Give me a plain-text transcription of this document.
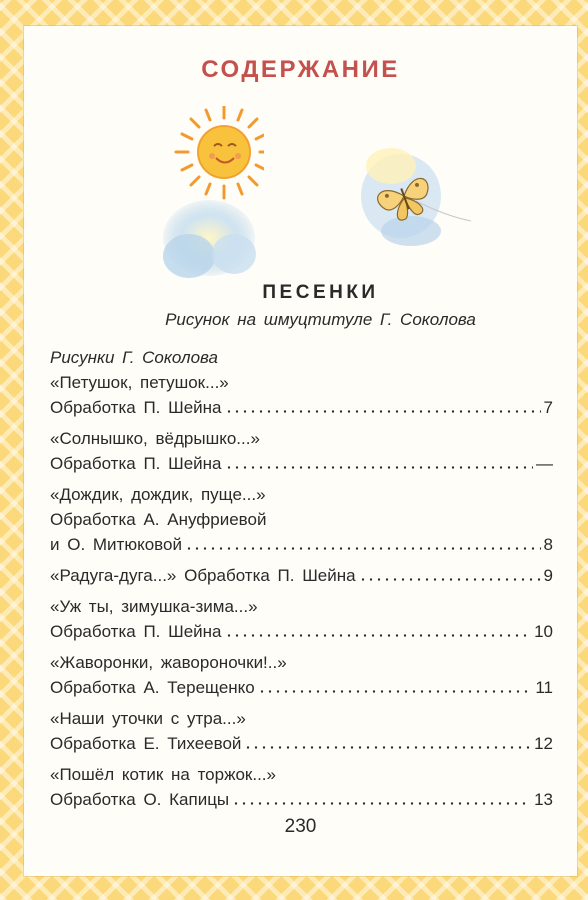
СОДЕРЖАНИЕ
ПЕСЕНКИ
Рисунок на шмуцтитуле Г. Соколова
Рисунки Г. Соколова
«Петушок, петушок...»
Обработка П. Шейна	7
«Солнышко, вёдрышко...»
Обработка П. Шейна	—
«Дождик, дождик, пуще...»
Обработка А. Ануфриевой
и О. Митюковой	8
«Радуга-дуга...» Обработка П. Шейна	9
«Уж ты, зимушка-зима...»
Обработка П. Шейна	10
«Жаворонки, жавороночки!..»
Обработка А. Терещенко	11
«Наши уточки с утра...»
Обработка Е. Тихеевой	12
«Пошёл котик на торжок...»
Обработка О. Капицы	13
230
